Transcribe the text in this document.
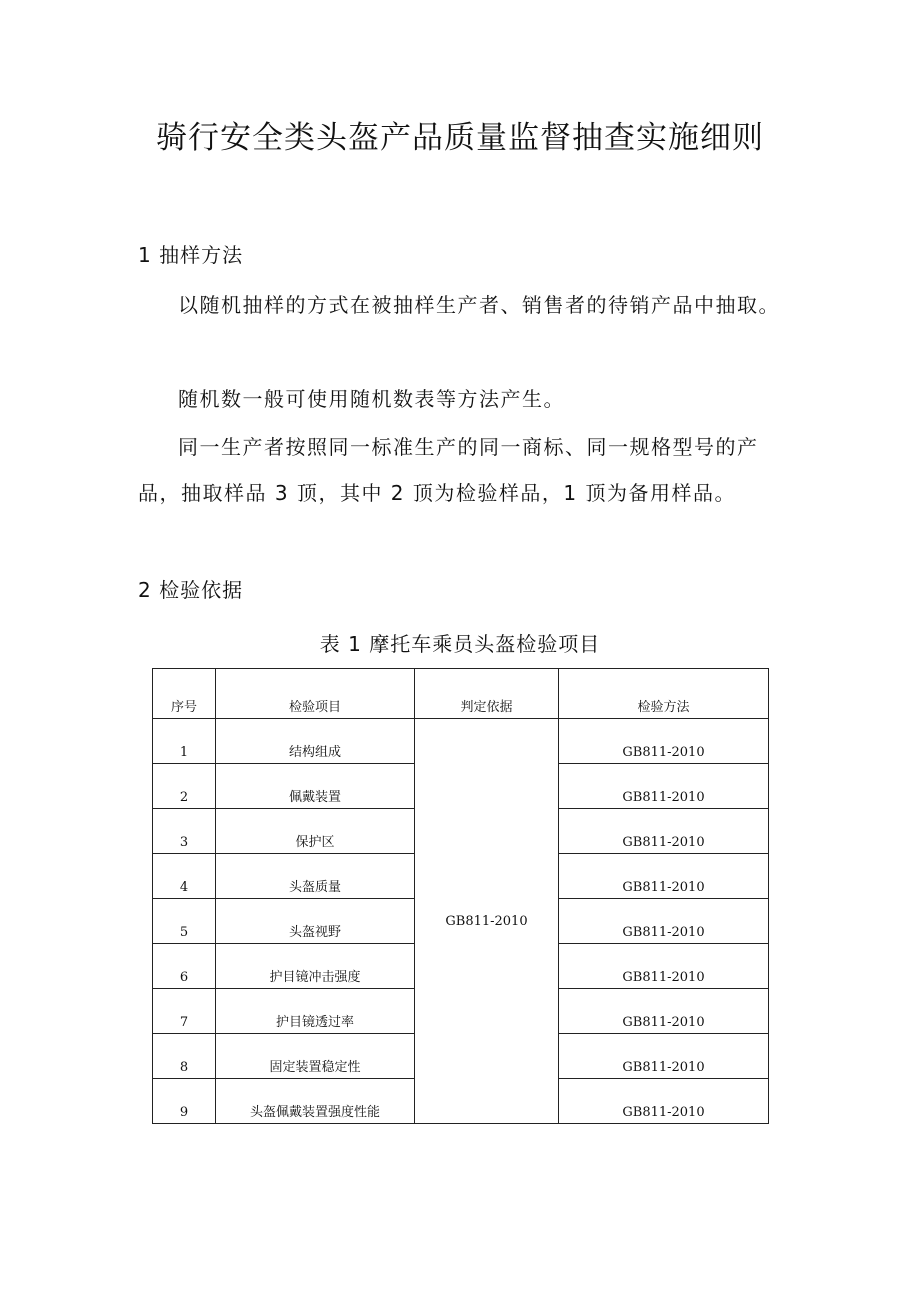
骑行安全类头盔产品质量监督抽查实施细则
1 抽样方法

以随机抽样的方式在被抽样生产者、销售者的待销产品中抽取。

随机数一般可使用随机数表等方法产生。

同一生产者按照同一标准生产的同一商标、同一规格型号的产品，抽取样品 3 顶，其中 2 顶为检验样品，1 顶为备用样品。

2 检验依据
表 1 摩托车乘员头盔检验项目
序号	检验项目	判定依据	检验方法
1	结构组成	GB811-2010	GB811-2010
2	佩戴装置		GB811-2010
3	保护区		GB811-2010
4	头盔质量		GB811-2010
5	头盔视野		GB811-2010
6	护目镜冲击强度		GB811-2010
7	护目镜透过率		GB811-2010
8	固定装置稳定性		GB811-2010
9	头盔佩戴装置强度性能		GB811-2010
